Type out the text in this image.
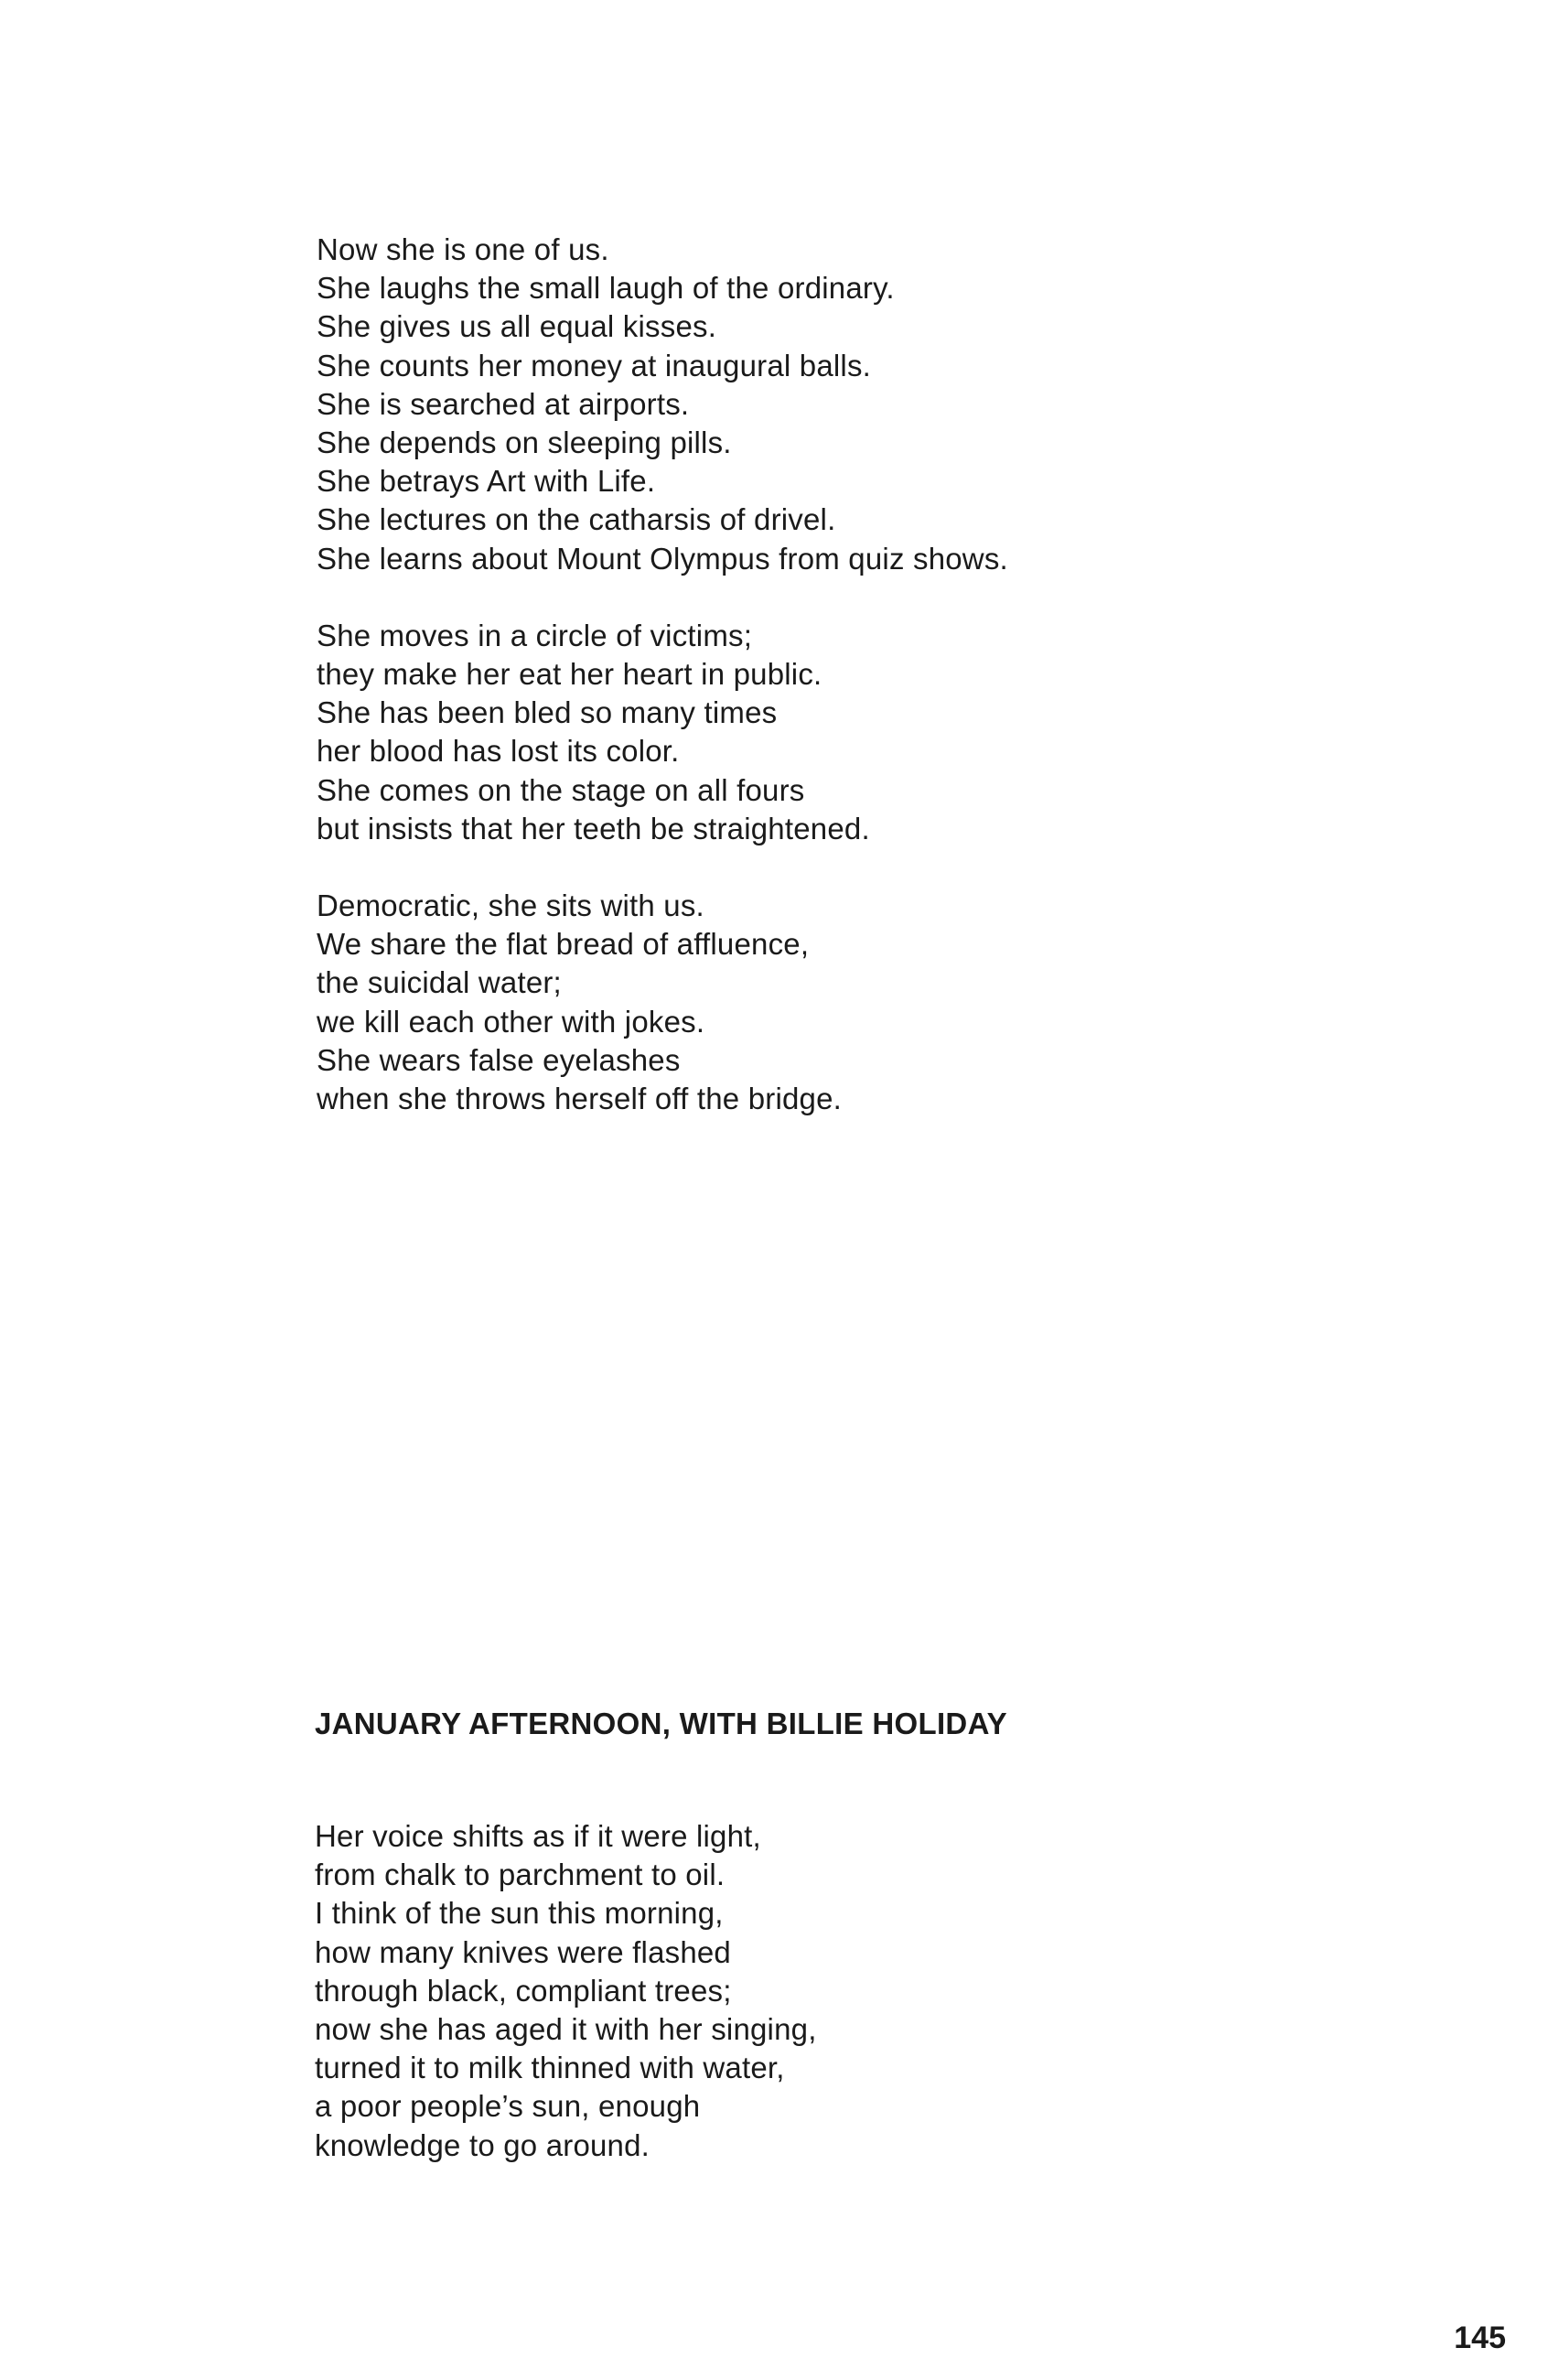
Now she is one of us.
She laughs the small laugh of the ordinary.
She gives us all equal kisses.
She counts her money at inaugural balls.
She is searched at airports.
She depends on sleeping pills.
She betrays Art with Life.
She lectures on the catharsis of drivel.
She learns about Mount Olympus from quiz shows.
She moves in a circle of victims;
they make her eat her heart in public.
She has been bled so many times
her blood has lost its color.
She comes on the stage on all fours
but insists that her teeth be straightened.
Democratic, she sits with us.
We share the flat bread of affluence,
the suicidal water;
we kill each other with jokes.
She wears false eyelashes
when she throws herself off the bridge.
JANUARY AFTERNOON, WITH BILLIE HOLIDAY
Her voice shifts as if it were light,
from chalk to parchment to oil.
I think of the sun this morning,
how many knives were flashed
through black, compliant trees;
now she has aged it with her singing,
turned it to milk thinned with water,
a poor people’s sun, enough
knowledge to go around.
145
